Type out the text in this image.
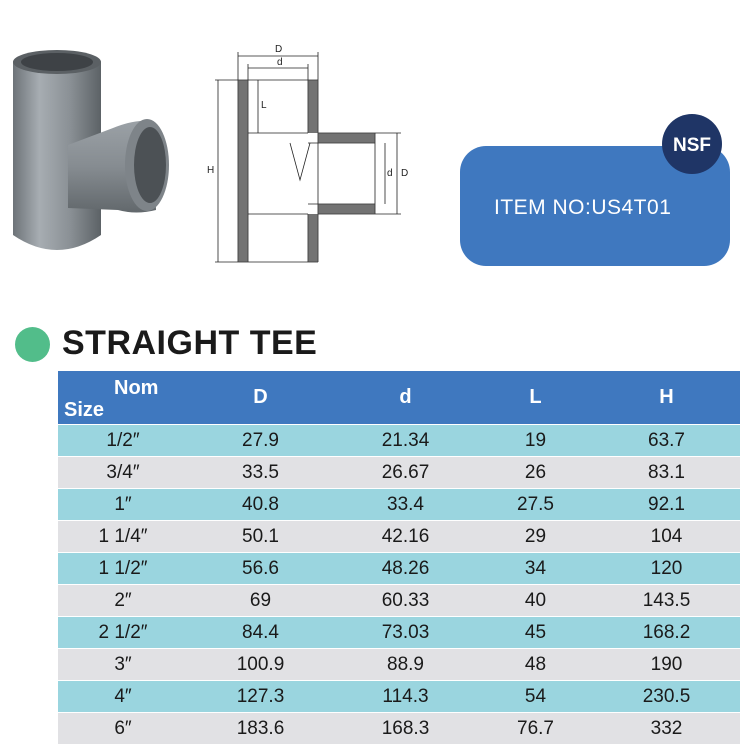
D
d
L
H	d D
ITEM NO:US4T01
NSF
STRAIGHT TEE
Nom
Size	D	d	L	H
1/2″	27.9	21.34	19	63.7
3/4″	33.5	26.67	26	83.1
1″	40.8	33.4	27.5	92.1
1 1/4″	50.1	42.16	29	104
1 1/2″	56.6	48.26	34	120
2″	69	60.33	40	143.5
2 1/2″	84.4	73.03	45	168.2
3″	100.9	88.9	48	190
4″	127.3	114.3	54	230.5
6″	183.6	168.3	76.7	332
